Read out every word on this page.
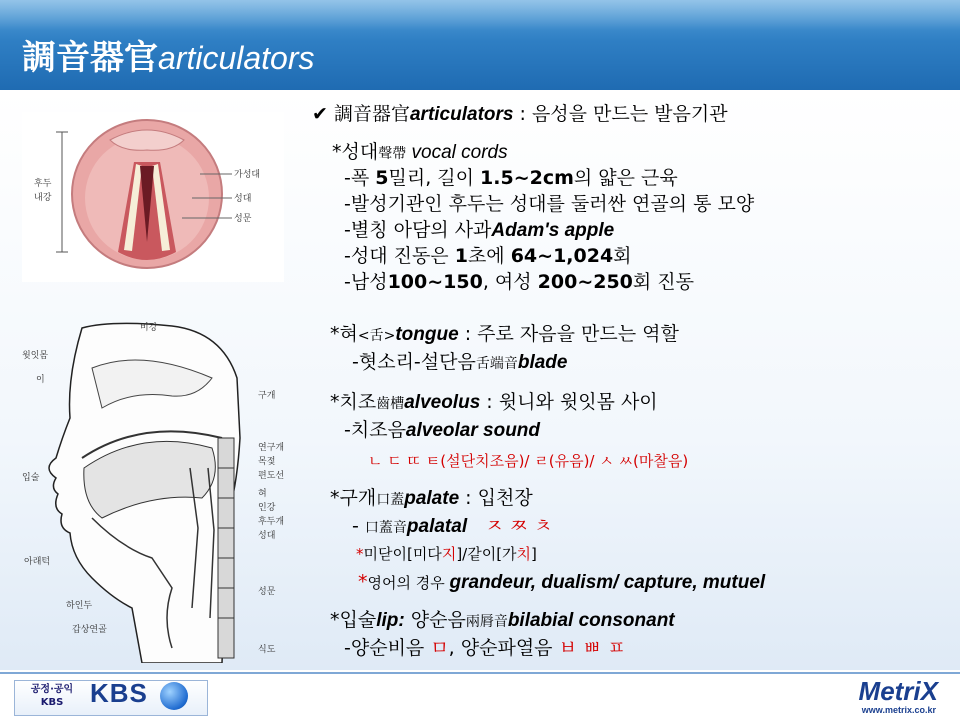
調音器官articulators
후두
내강
가성대
성대
성문
비강
윗잇몸
이
구개
연구개
목젖
편도선
입술
혀
인강
후두개
성대
아래턱
하인두
성문
갑상연골
식도
✔ 調音器官articulators : 음성을 만드는 발음기관
*성대聲帶 vocal cords
-폭 5밀리, 길이 1.5~2cm의 얇은 근육
-발성기관인 후두는 성대를 둘러싼 연골의 통 모양
-별칭 아담의 사과Adam's apple
-성대 진동은 1초에 64~1,024회
-남성100~150, 여성 200~250회 진동
*혀<舌>tongue : 주로 자음을 만드는 역할
-혓소리-설단음舌端音blade
*치조齒槽alveolus : 윗니와 윗잇몸 사이
-치조음alveolar sound
ㄴ ㄷ ㄸ ㅌ(설단치조음)/ ㄹ(유음)/ ㅅ ㅆ(마찰음)
*구개口蓋palate : 입천장
- 口蓋音palatal ㅈ ㅉ ㅊ
*미닫이[미다지]/같이[가치]
*영어의 경우 grandeur, dualism/ capture, mutuel
*입술lip: 양순음兩脣音bilabial consonant
-양순비음 ㅁ, 양순파열음 ㅂ ㅃ ㅍ
공정·공익
KBS	KBS	MetriX
www.metrix.co.kr
